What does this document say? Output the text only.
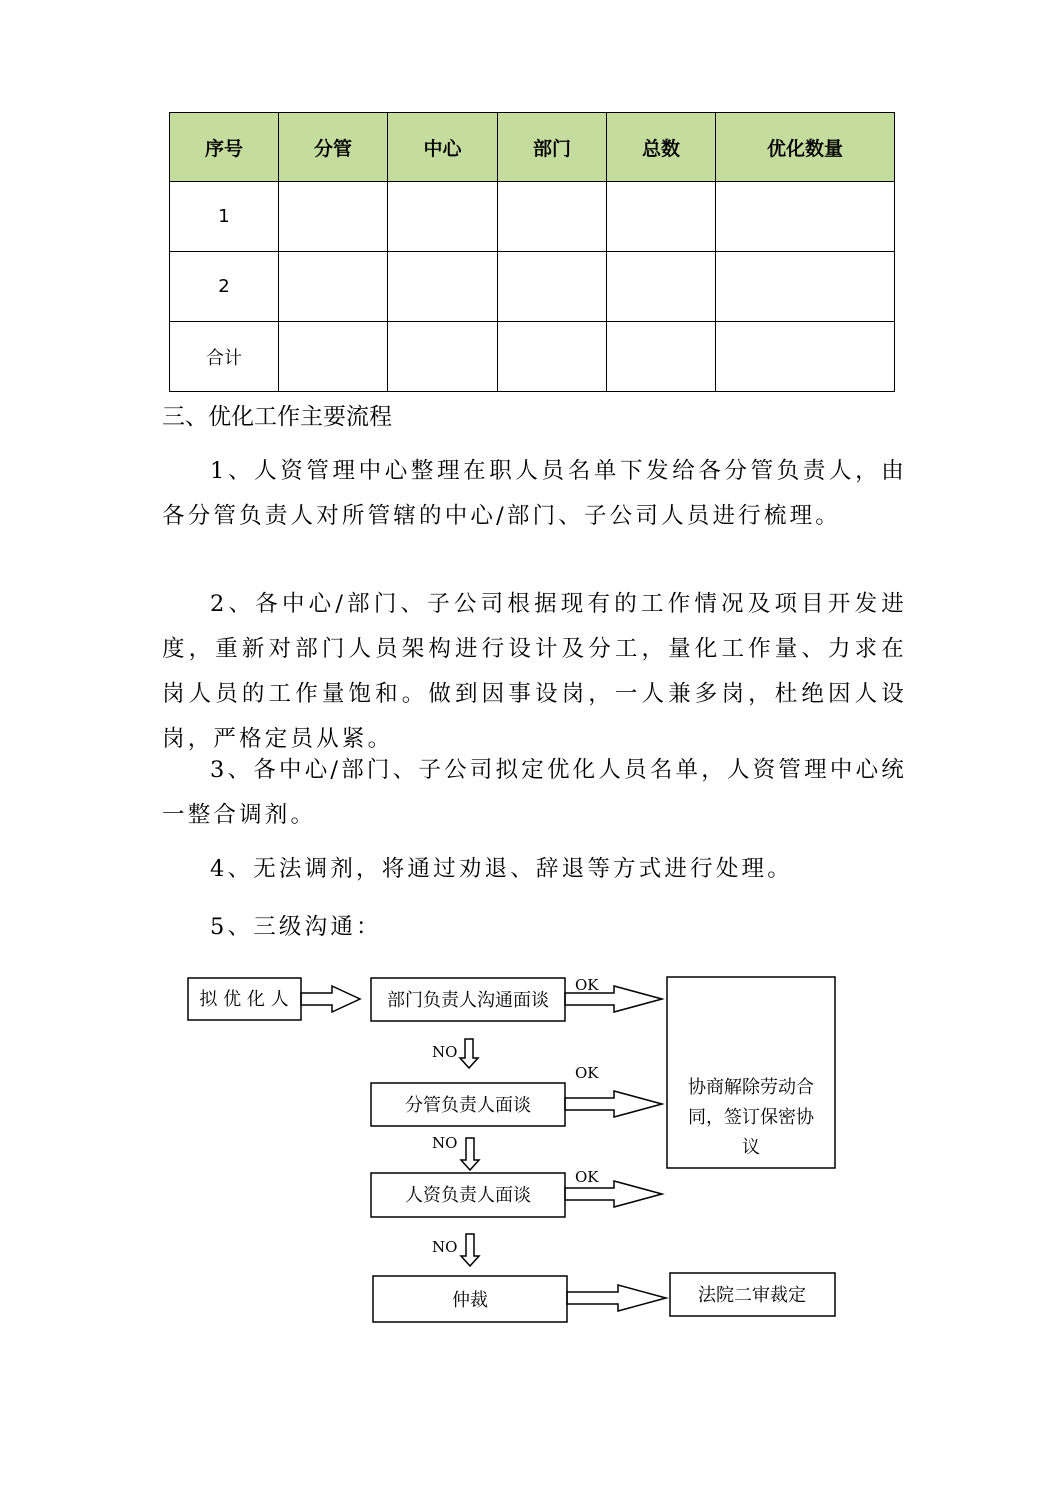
序号	分管	中心	部门	总数	优化数量
1					
2					
合计					
三、优化工作主要流程
1、人资管理中心整理在职人员名单下发给各分管负责人，由各分管负责人对所管辖的中心/部门、子公司人员进行梳理。
2、各中心/部门、子公司根据现有的工作情况及项目开发进度，重新对部门人员架构进行设计及分工，量化工作量、力求在岗人员的工作量饱和。做到因事设岗，一人兼多岗，杜绝因人设岗，严格定员从紧。
3、各中心/部门、子公司拟定优化人员名单，人资管理中心统一整合调剂。
4、无法调剂，将通过劝退、辞退等方式进行处理。
5、三级沟通：
拟 优 化 人	部门负责人沟通面谈
分管负责人面谈
人资负责人面谈
仲裁
协商解除劳动合
同，签订保密协
议
法院二审裁定
OK
OK
OK
NO
NO
NO
